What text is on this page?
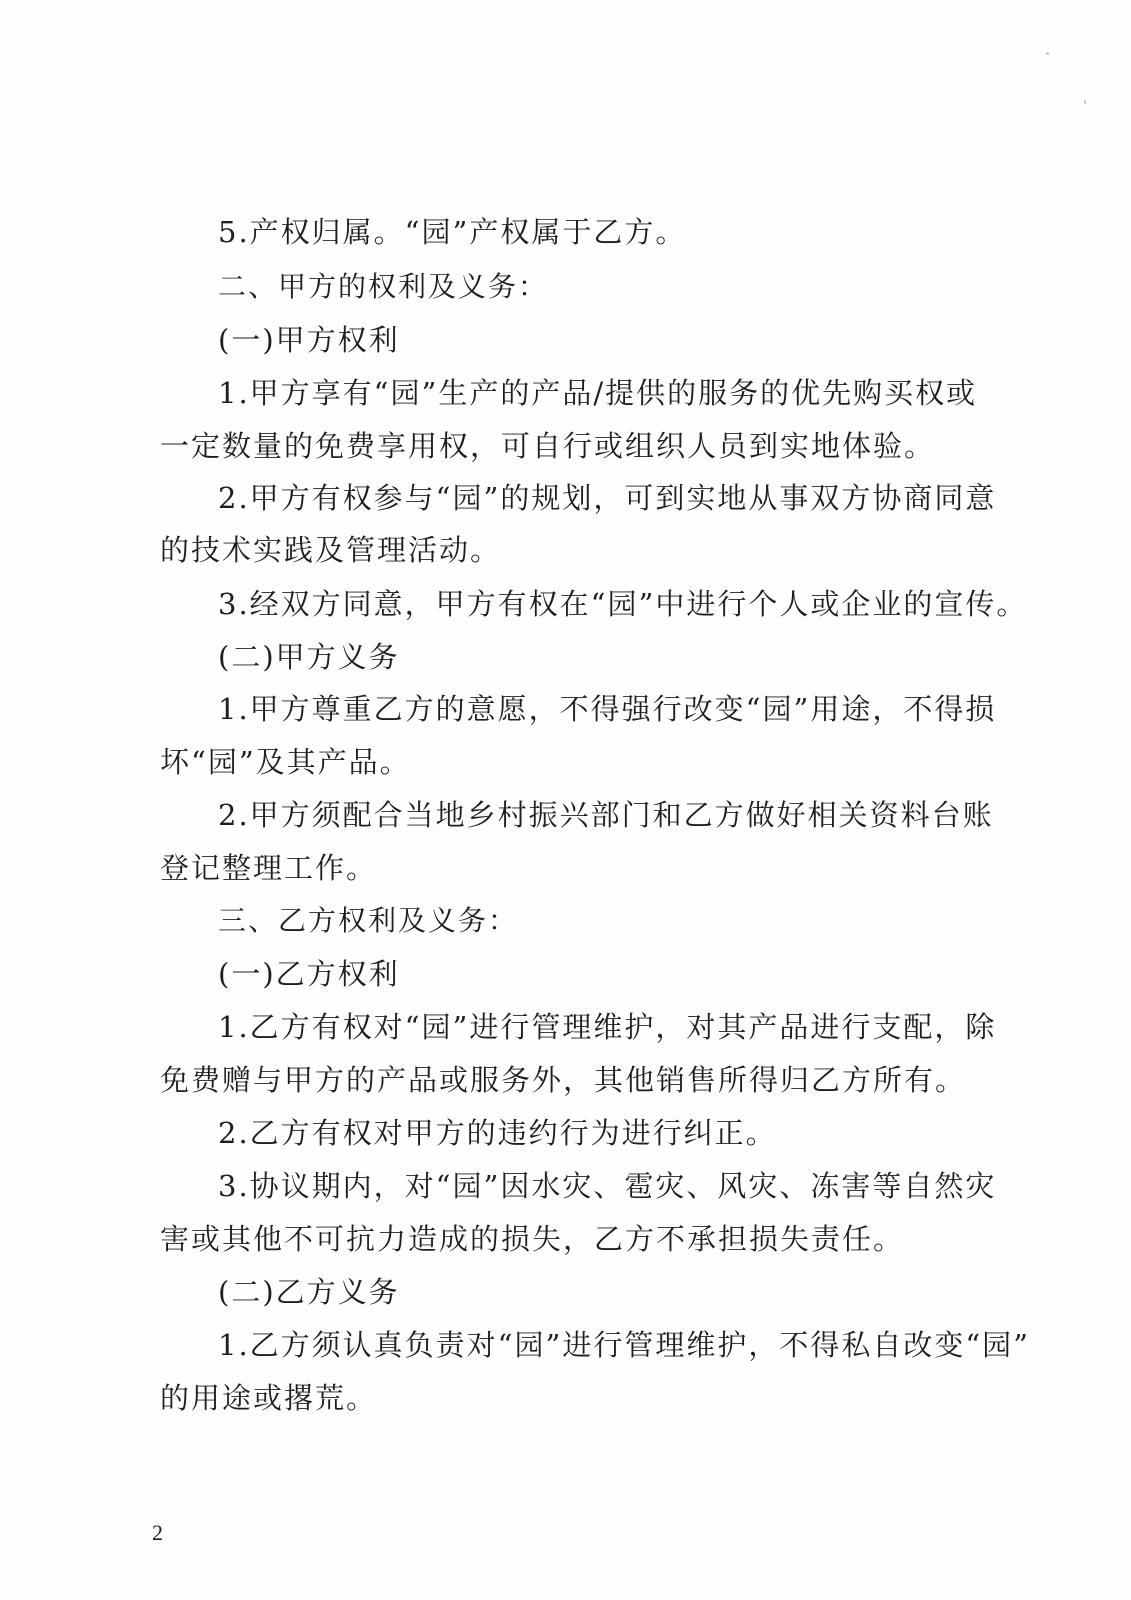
5.产权归属。“园”产权属于乙方。
二、甲方的权利及义务：
(一)甲方权利
1.甲方享有“园”生产的产品/提供的服务的优先购买权或
一定数量的免费享用权，可自行或组织人员到实地体验。
2.甲方有权参与“园”的规划，可到实地从事双方协商同意
的技术实践及管理活动。
3.经双方同意，甲方有权在“园”中进行个人或企业的宣传。
(二)甲方义务
1.甲方尊重乙方的意愿，不得强行改变“园”用途，不得损
坏“园”及其产品。
2.甲方须配合当地乡村振兴部门和乙方做好相关资料台账
登记整理工作。
三、乙方权利及义务：
(一)乙方权利
1.乙方有权对“园”进行管理维护，对其产品进行支配，除
免费赠与甲方的产品或服务外，其他销售所得归乙方所有。
2.乙方有权对甲方的违约行为进行纠正。
3.协议期内，对“园”因水灾、雹灾、风灾、冻害等自然灾
害或其他不可抗力造成的损失，乙方不承担损失责任。
(二)乙方义务
1.乙方须认真负责对“园”进行管理维护，不得私自改变“园”
的用途或撂荒。
2
